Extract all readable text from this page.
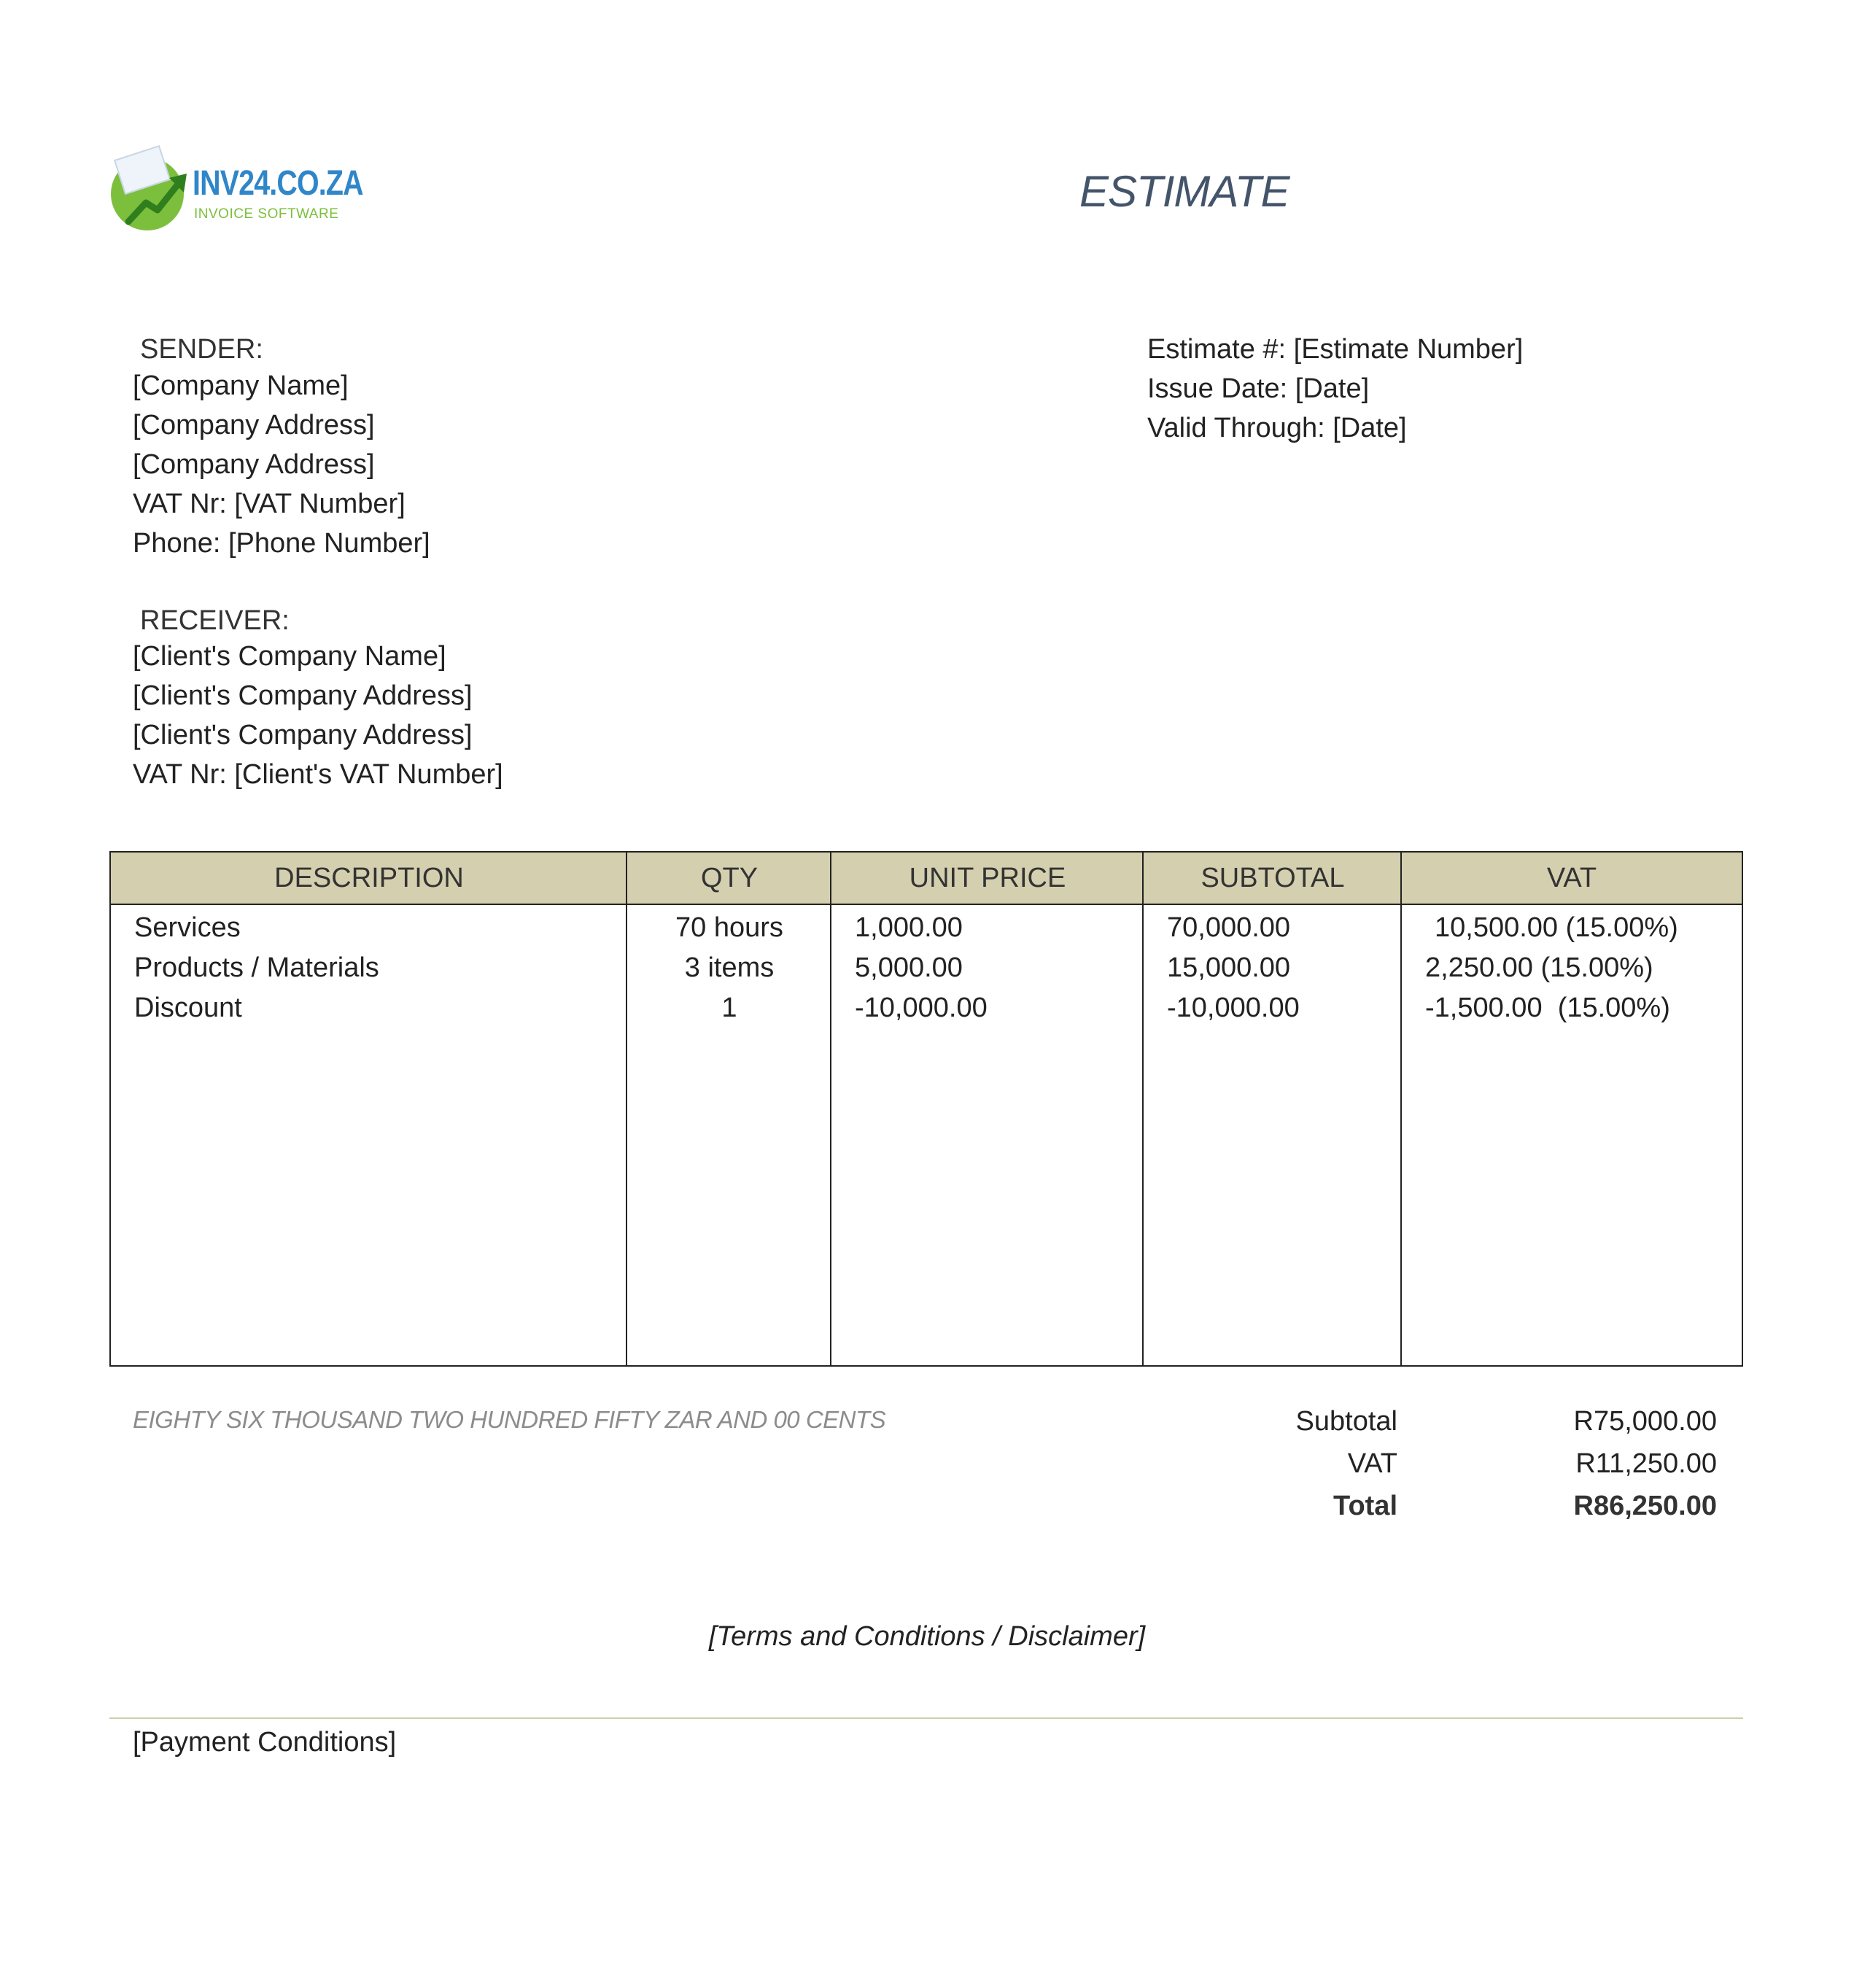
INV24.CO.ZA
INVOICE SOFTWARE	ESTIMATE
SENDER:
[Company Name]
[Company Address]
[Company Address]
VAT Nr: [VAT Number]
Phone: [Phone Number]
RECEIVER:
[Client's Company Name]
[Client's Company Address]
[Client's Company Address]
VAT Nr: [Client's VAT Number]
Estimate #: [Estimate Number]
Issue Date: [Date]
Valid Through: [Date]
DESCRIPTION	QTY	UNIT PRICE	SUBTOTAL	VAT
Services	70 hours	1,000.00	70,000.00	10,500.00 (15.00%)
Products / Materials	3 items	5,000.00	15,000.00	2,250.00 (15.00%)
Discount	1	-10,000.00	-10,000.00	-1,500.00  (15.00%)
EIGHTY SIX THOUSAND TWO HUNDRED FIFTY ZAR AND 00 CENTS	Subtotal	R75,000.00
VAT	R11,250.00
Total	R86,250.00
[Terms and Conditions / Disclaimer]
[Payment Conditions]
